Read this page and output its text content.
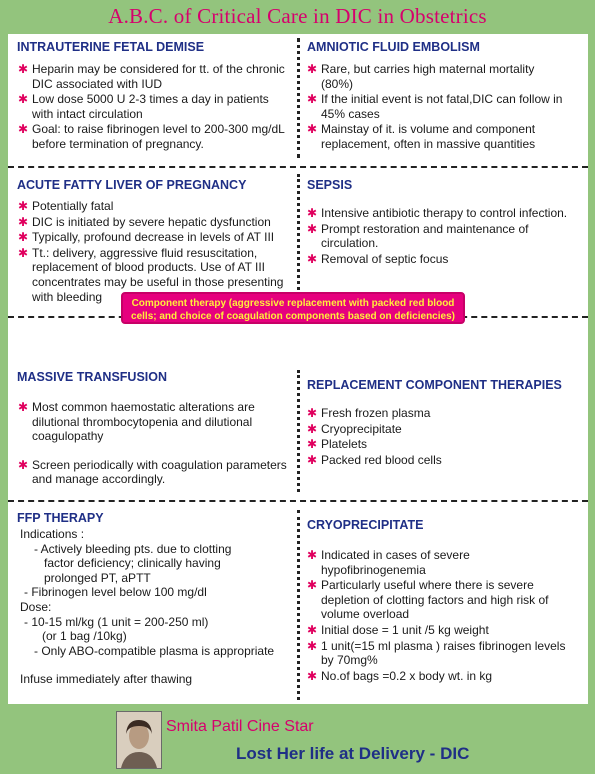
A.B.C. of Critical Care in DIC in Obstetrics
INTRAUTERINE FETAL DEMISE
✱ Heparin may be considered for tt. of the chronic DIC associated with IUD
✱ Low dose 5000 U 2-3 times a day in patients with intact circulation
✱ Goal: to raise fibrinogen level to 200-300 mg/dL before termination of pregnancy.
AMNIOTIC FLUID EMBOLISM
✱ Rare, but carries high maternal mortality (80%)
✱ If the initial event is not fatal,DIC can follow in 45% cases
✱ Mainstay of it. is volume and component replacement, often in massive quantities
ACUTE FATTY LIVER OF PREGNANCY
✱ Potentially fatal
✱ DIC is initiated by severe hepatic dysfunction
✱ Typically, profound decrease in levels of AT III
✱ Tt.: delivery, aggressive fluid resuscitation, replacement of blood products. Use of AT III concentrates may be useful in those presenting with bleeding
SEPSIS
✱ Intensive antibiotic therapy to control infection.
✱ Prompt restoration and maintenance of circulation.
✱ Removal of septic focus
Component therapy (aggressive replacement with packed red blood cells; and choice of coagulation components based on deficiencies)
MASSIVE TRANSFUSION
✱ Most common haemostatic alterations are dilutional thrombocytopenia and dilutional coagulopathy
✱ Screen periodically with coagulation parameters and manage accordingly.
REPLACEMENT COMPONENT THERAPIES
✱ Fresh frozen plasma
✱ Cryoprecipitate
✱ Platelets
✱ Packed red blood cells
FFP THERAPY
Indications :
- Actively bleeding pts. due to clotting
factor deficiency; clinically having
prolonged PT, aPTT
- Fibrinogen level below 100 mg/dl
Dose:
- 10-15 ml/kg (1 unit = 200-250 ml)
(or 1 bag /10kg)
- Only ABO-compatible plasma is appropriate
Infuse immediately after thawing
CRYOPRECIPITATE
✱ Indicated in cases of severe hypofibrinogenemia
✱ Particularly useful where there is severe depletion of clotting factors and high risk of volume overload
✱ Initial dose = 1 unit /5 kg weight
✱ 1 unit(=15 ml plasma ) raises fibrinogen levels by 70mg%
✱ No.of bags =0.2 x body wt. in kg
Smita Patil Cine Star
Lost Her life at Delivery - DIC
